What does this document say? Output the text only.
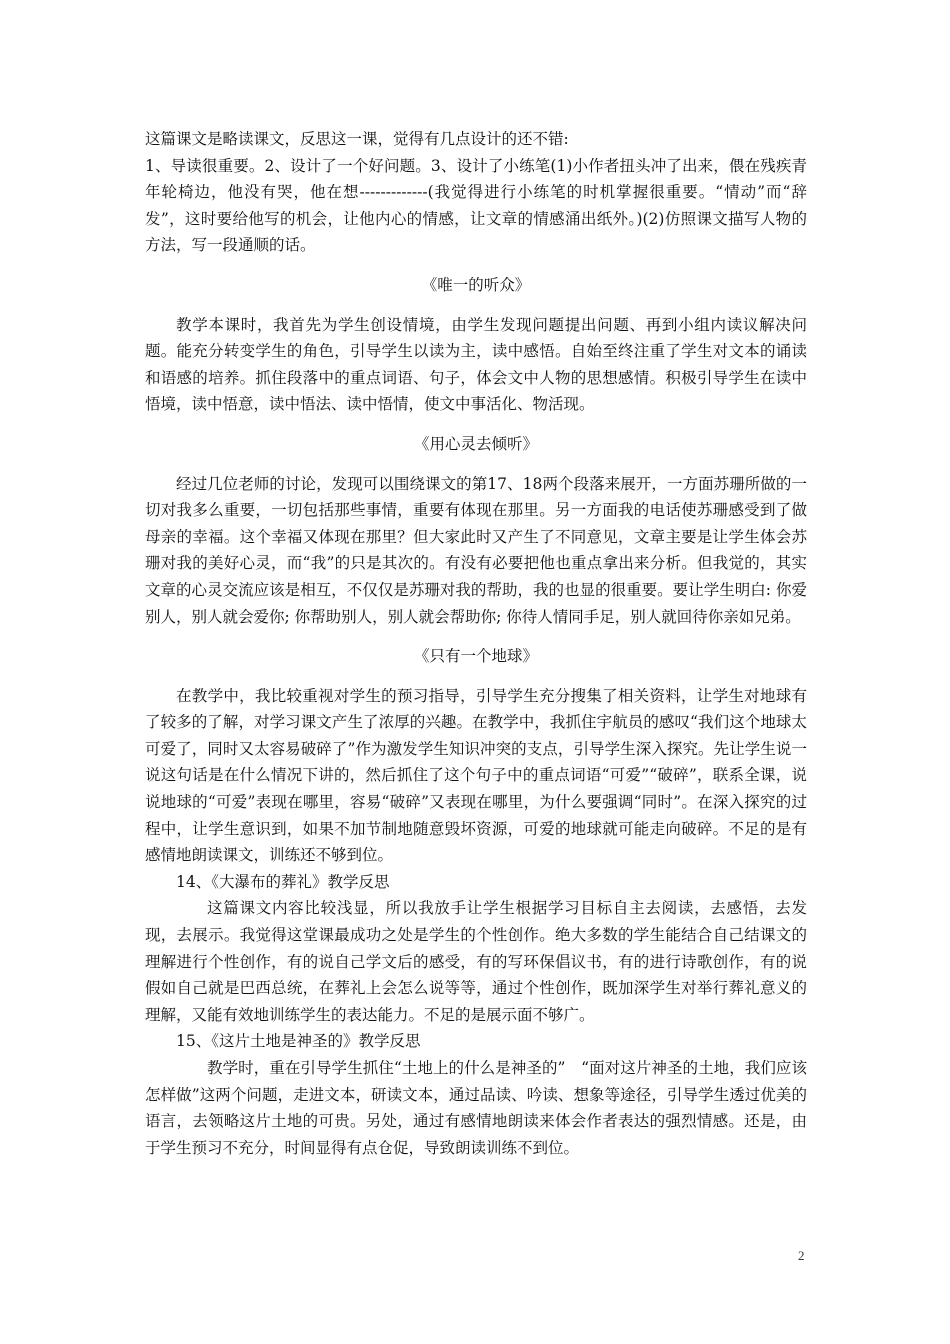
这篇课文是略读课文，反思这一课，觉得有几点设计的还不错:

1、导读很重要。2、设计了一个好问题。3、设计了小练笔(1)小作者扭头冲了出来，偎在残疾青年轮椅边，他没有哭，他在想-------------(我觉得进行小练笔的时机掌握很重要。“情动”而“辞发”，这时要给他写的机会，让他内心的情感，让文章的情感涌出纸外。)(2)仿照课文描写人物的方法，写一段通顺的话。

《唯一的听众》

教学本课时，我首先为学生创设情境，由学生发现问题提出问题、再到小组内读议解决问题。能充分转变学生的角色，引导学生以读为主，读中感悟。自始至终注重了学生对文本的诵读和语感的培养。抓住段落中的重点词语、句子，体会文中人物的思想感情。积极引导学生在读中悟境，读中悟意，读中悟法、读中悟情，使文中事活化、物活现。

《用心灵去倾听》

经过几位老师的讨论，发现可以围绕课文的第17、18两个段落来展开，一方面苏珊所做的一切对我多么重要，一切包括那些事情，重要有体现在那里。另一方面我的电话使苏珊感受到了做母亲的幸福。这个幸福又体现在那里？但大家此时又产生了不同意见，文章主要是让学生体会苏珊对我的美好心灵，而“我”的只是其次的。有没有必要把他也重点拿出来分析。但我觉的，其实文章的心灵交流应该是相互，不仅仅是苏珊对我的帮助，我的也显的很重要。要让学生明白: 你爱别人，别人就会爱你; 你帮助别人，别人就会帮助你; 你待人情同手足，别人就回待你亲如兄弟。

《只有一个地球》

在教学中，我比较重视对学生的预习指导，引导学生充分搜集了相关资料，让学生对地球有了较多的了解，对学习课文产生了浓厚的兴趣。在教学中，我抓住宇航员的感叹“我们这个地球太可爱了，同时又太容易破碎了”作为激发学生知识冲突的支点，引导学生深入探究。先让学生说一说这句话是在什么情况下讲的，然后抓住了这个句子中的重点词语“可爱”“破碎”，联系全课，说说地球的“可爱”表现在哪里，容易“破碎”又表现在哪里，为什么要强调“同时”。在深入探究的过程中，让学生意识到，如果不加节制地随意毁坏资源，可爱的地球就可能走向破碎。不足的是有感情地朗读课文，训练还不够到位。

14、《大瀑布的葬礼》教学反思

这篇课文内容比较浅显，所以我放手让学生根据学习目标自主去阅读，去感悟，去发现，去展示。我觉得这堂课最成功之处是学生的个性创作。绝大多数的学生能结合自己结课文的理解进行个性创作，有的说自己学文后的感受，有的写环保倡议书，有的进行诗歌创作，有的说假如自己就是巴西总统，在葬礼上会怎么说等等，通过个性创作，既加深学生对举行葬礼意义的理解，又能有效地训练学生的表达能力。不足的是展示面不够广。

15、《这片土地是神圣的》教学反思

教学时，重在引导学生抓住“土地上的什么是神圣的”　“面对这片神圣的土地，我们应该怎样做”这两个问题，走进文本，研读文本，通过品读、吟读、想象等途径，引导学生透过优美的语言，去领略这片土地的可贵。另处，通过有感情地朗读来体会作者表达的强烈情感。还是，由于学生预习不充分，时间显得有点仓促，导致朗读训练不到位。

2
